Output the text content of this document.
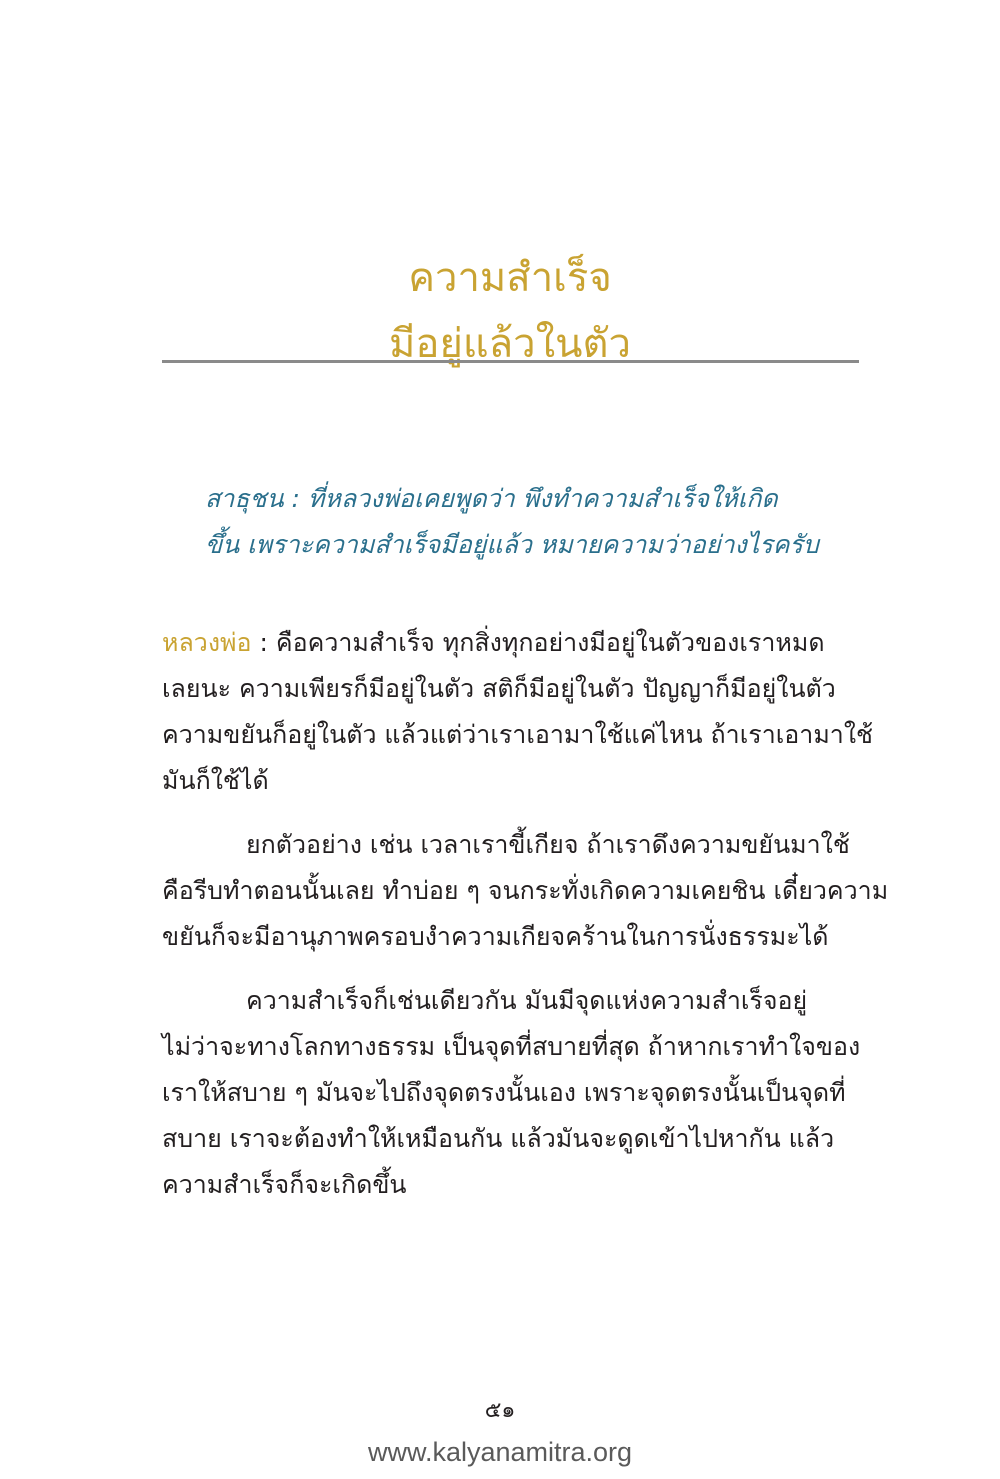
ความสำเร็จ
มีอยู่แล้วในตัว
สาธุชน : ที่หลวงพ่อเคยพูดว่า พึงทำความสำเร็จให้เกิด
ขึ้น เพราะความสำเร็จมีอยู่แล้ว หมายความว่าอย่างไรครับ
หลวงพ่อ : คือความสำเร็จ ทุกสิ่งทุกอย่างมีอยู่ในตัวของเราหมด
เลยนะ ความเพียรก็มีอยู่ในตัว สติก็มีอยู่ในตัว ปัญญาก็มีอยู่ในตัว
ความขยันก็อยู่ในตัว แล้วแต่ว่าเราเอามาใช้แค่ไหน ถ้าเราเอามาใช้
มันก็ใช้ได้
ยกตัวอย่าง เช่น เวลาเราขี้เกียจ ถ้าเราดึงความขยันมาใช้
คือรีบทำตอนนั้นเลย ทำบ่อย ๆ จนกระทั่งเกิดความเคยชิน เดี๋ยวความ
ขยันก็จะมีอานุภาพครอบงำความเกียจคร้านในการนั่งธรรมะได้
ความสำเร็จก็เช่นเดียวกัน มันมีจุดแห่งความสำเร็จอยู่
ไม่ว่าจะทางโลกทางธรรม เป็นจุดที่สบายที่สุด ถ้าหากเราทำใจของ
เราให้สบาย ๆ มันจะไปถึงจุดตรงนั้นเอง เพราะจุดตรงนั้นเป็นจุดที่
สบาย เราจะต้องทำให้เหมือนกัน แล้วมันจะดูดเข้าไปหากัน แล้ว
ความสำเร็จก็จะเกิดขึ้น
๕๑
www.kalyanamitra.org
